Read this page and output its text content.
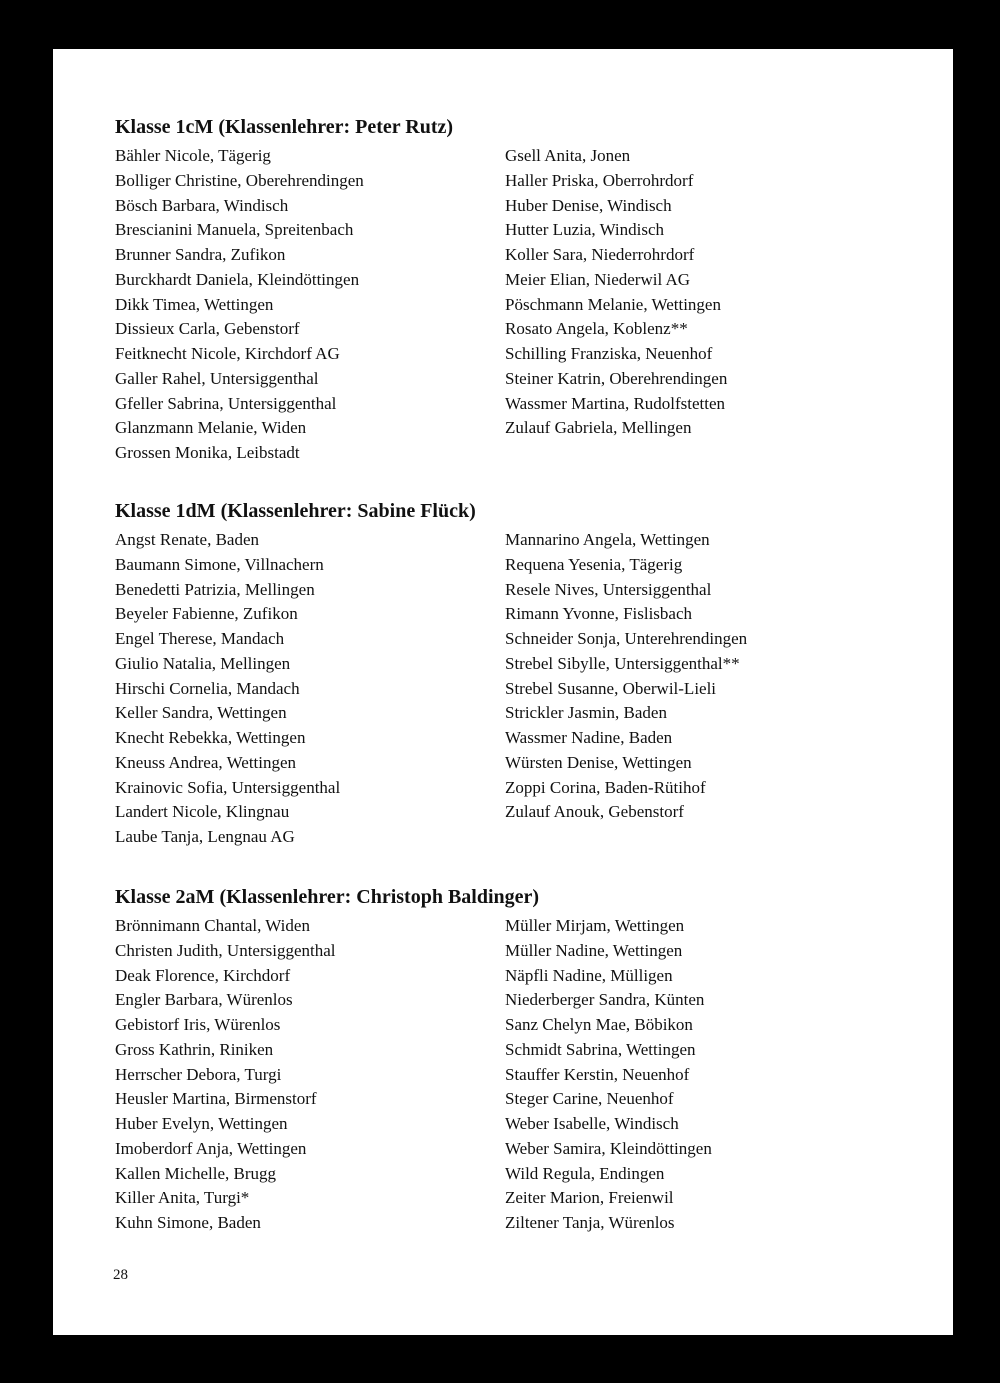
Klasse 1cM (Klassenlehrer: Peter Rutz)
Bähler Nicole, Tägerig
Bolliger Christine, Oberehrendingen
Bösch Barbara, Windisch
Brescianini Manuela, Spreitenbach
Brunner Sandra, Zufikon
Burckhardt Daniela, Kleindöttingen
Dikk Timea, Wettingen
Dissieux Carla, Gebenstorf
Feitknecht Nicole, Kirchdorf AG
Galler Rahel, Untersiggenthal
Gfeller Sabrina, Untersiggenthal
Glanzmann Melanie, Widen
Grossen Monika, Leibstadt
Gsell Anita, Jonen
Haller Priska, Oberrohrdorf
Huber Denise, Windisch
Hutter Luzia, Windisch
Koller Sara, Niederrohrdorf
Meier Elian, Niederwil AG
Pöschmann Melanie, Wettingen
Rosato Angela, Koblenz**
Schilling Franziska, Neuenhof
Steiner Katrin, Oberehrendingen
Wassmer Martina, Rudolfstetten
Zulauf Gabriela, Mellingen
Klasse 1dM (Klassenlehrer: Sabine Flück)
Angst Renate, Baden
Baumann Simone, Villnachern
Benedetti Patrizia, Mellingen
Beyeler Fabienne, Zufikon
Engel Therese, Mandach
Giulio Natalia, Mellingen
Hirschi Cornelia, Mandach
Keller Sandra, Wettingen
Knecht Rebekka, Wettingen
Kneuss Andrea, Wettingen
Krainovic Sofia, Untersiggenthal
Landert Nicole, Klingnau
Laube Tanja, Lengnau AG
Mannarino Angela, Wettingen
Requena Yesenia, Tägerig
Resele Nives, Untersiggenthal
Rimann Yvonne, Fislisbach
Schneider Sonja, Unterehrendingen
Strebel Sibylle, Untersiggenthal**
Strebel Susanne, Oberwil-Lieli
Strickler Jasmin, Baden
Wassmer Nadine, Baden
Würsten Denise, Wettingen
Zoppi Corina, Baden-Rütihof
Zulauf Anouk, Gebenstorf
Klasse 2aM (Klassenlehrer: Christoph Baldinger)
Brönnimann Chantal, Widen
Christen Judith, Untersiggenthal
Deak Florence, Kirchdorf
Engler Barbara, Würenlos
Gebistorf Iris, Würenlos
Gross Kathrin, Riniken
Herrscher Debora, Turgi
Heusler Martina, Birmenstorf
Huber Evelyn, Wettingen
Imoberdorf Anja, Wettingen
Kallen Michelle, Brugg
Killer Anita, Turgi*
Kuhn Simone, Baden
Müller Mirjam, Wettingen
Müller Nadine, Wettingen
Näpfli Nadine, Mülligen
Niederberger Sandra, Künten
Sanz Chelyn Mae, Böbikon
Schmidt Sabrina, Wettingen
Stauffer Kerstin, Neuenhof
Steger Carine, Neuenhof
Weber Isabelle, Windisch
Weber Samira, Kleindöttingen
Wild Regula, Endingen
Zeiter Marion, Freienwil
Ziltener Tanja, Würenlos
28
